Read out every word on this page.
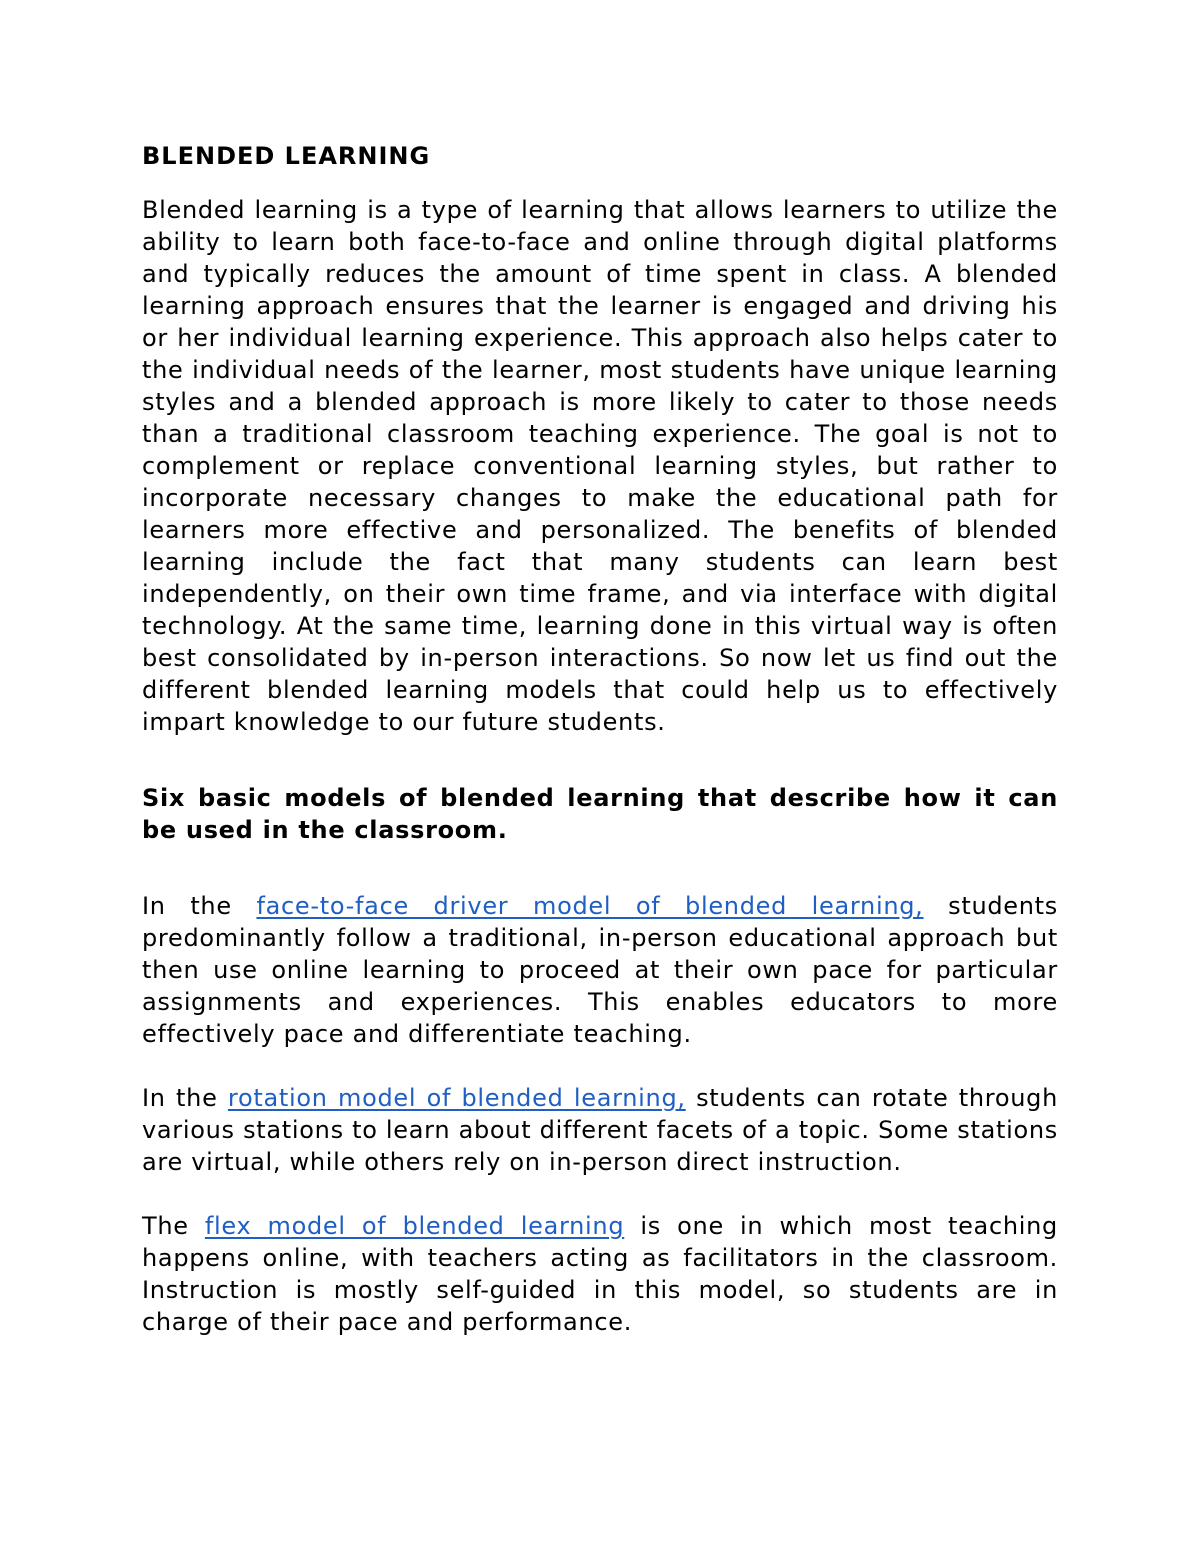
BLENDED LEARNING

Blended learning is a type of learning that allows learners to utilize the ability to learn both face-to-face and online through digital platforms and typically reduces the amount of time spent in class. A blended learning approach ensures that the learner is engaged and driving his or her individual learning experience. This approach also helps cater to the individual needs of the learner, most students have unique learning styles and a blended approach is more likely to cater to those needs than a traditional classroom teaching experience. The goal is not to complement or replace conventional learning styles, but rather to incorporate necessary changes to make the educational path for learners more effective and personalized. The benefits of blended learning include the fact that many students can learn best independently, on their own time frame, and via interface with digital technology. At the same time, learning done in this virtual way is often best consolidated by in-person interactions. So now let us find out the different blended learning models that could help us to effectively impart knowledge to our future students.

Six basic models of blended learning that describe how it can be used in the classroom.

In the face-to-face driver model of blended learning, students predominantly follow a traditional, in-person educational approach but then use online learning to proceed at their own pace for particular assignments and experiences. This enables educators to more effectively pace and differentiate teaching.

In the rotation model of blended learning, students can rotate through various stations to learn about different facets of a topic. Some stations are virtual, while others rely on in-person direct instruction.

The flex model of blended learning is one in which most teaching happens online, with teachers acting as facilitators in the classroom. Instruction is mostly self-guided in this model, so students are in charge of their pace and performance.
